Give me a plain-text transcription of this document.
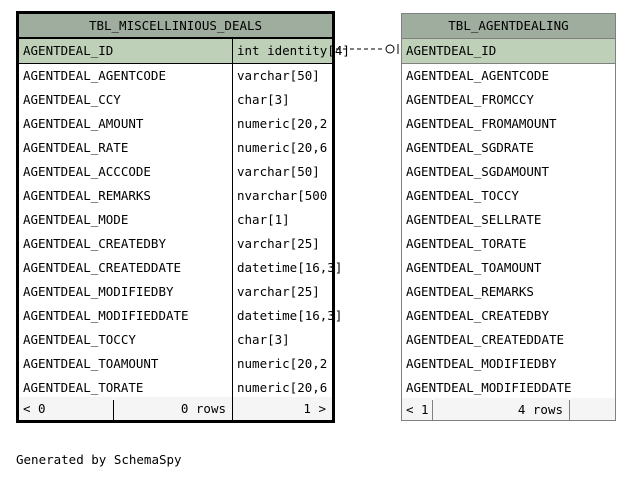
TBL_MISCELLINIOUS_DEALS
AGENTDEAL_ID	int identity[4]
AGENTDEAL_AGENTCODE	varchar[50]
AGENTDEAL_CCY	char[3]
AGENTDEAL_AMOUNT	numeric[20,2
AGENTDEAL_RATE	numeric[20,6
AGENTDEAL_ACCCODE	varchar[50]
AGENTDEAL_REMARKS	nvarchar[500
AGENTDEAL_MODE	char[1]
AGENTDEAL_CREATEDBY	varchar[25]
AGENTDEAL_CREATEDDATE	datetime[16,3]
AGENTDEAL_MODIFIEDBY	varchar[25]
AGENTDEAL_MODIFIEDDATE	datetime[16,3]
AGENTDEAL_TOCCY	char[3]
AGENTDEAL_TOAMOUNT	numeric[20,2
AGENTDEAL_TORATE	numeric[20,6
< 0	0 rows	1 >
TBL_AGENTDEALING
AGENTDEAL_ID
AGENTDEAL_AGENTCODE
AGENTDEAL_FROMCCY
AGENTDEAL_FROMAMOUNT
AGENTDEAL_SGDRATE
AGENTDEAL_SGDAMOUNT
AGENTDEAL_TOCCY
AGENTDEAL_SELLRATE
AGENTDEAL_TORATE
AGENTDEAL_TOAMOUNT
AGENTDEAL_REMARKS
AGENTDEAL_CREATEDBY
AGENTDEAL_CREATEDDATE
AGENTDEAL_MODIFIEDBY
AGENTDEAL_MODIFIEDDATE
< 1	4 rows
Generated by SchemaSpy
